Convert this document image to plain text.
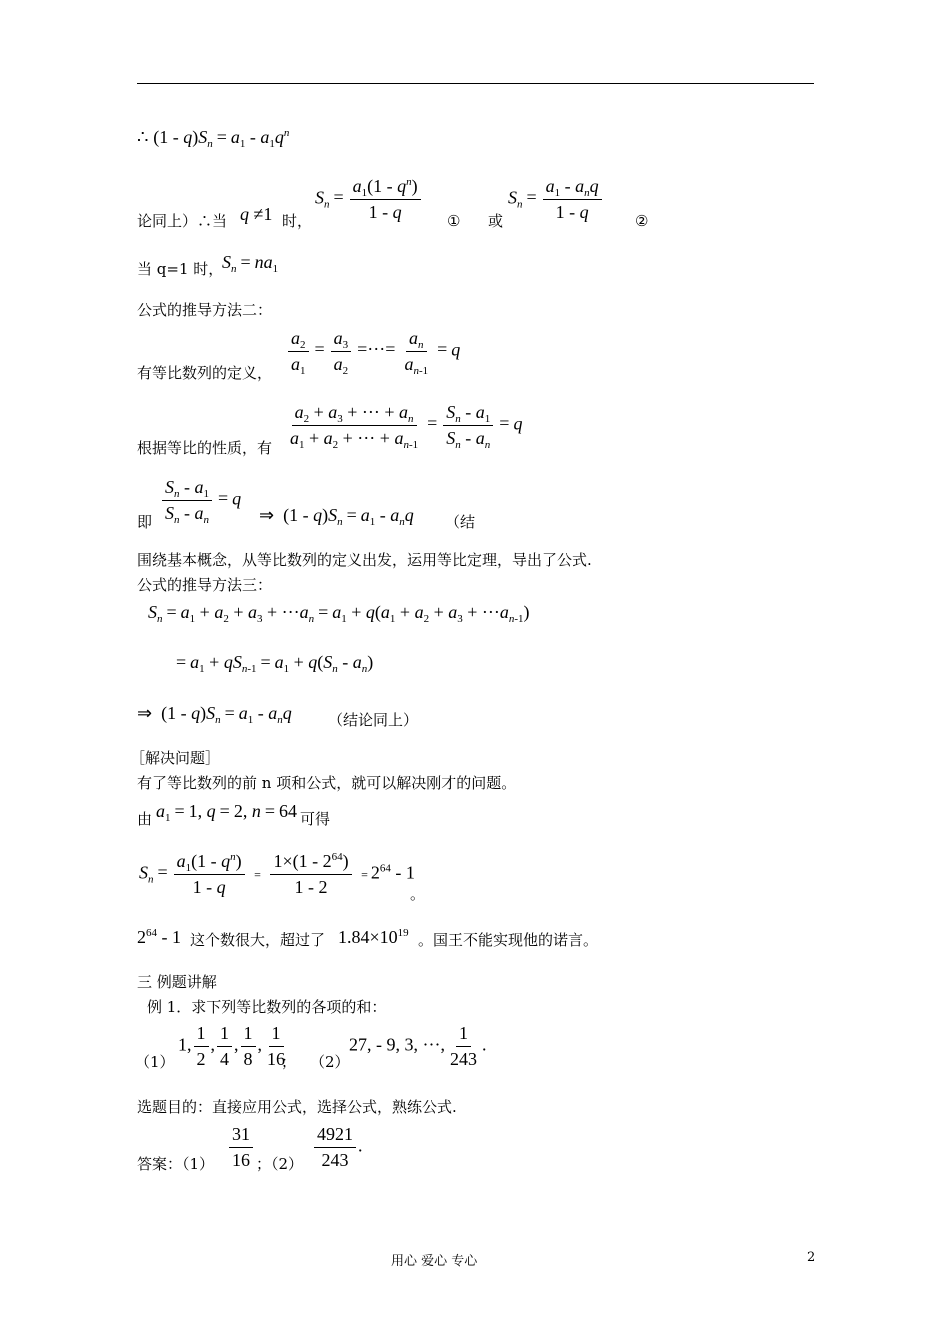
∴ $(1 - q)S_n = a_1 - a_1q^n$
论同上）∴当 q ≠1 时，
$S_n = \frac{a_1(1 - q^n)}{1 - q}$ ① 或
$S_n = \frac{a_1 - a_nq}{1 - q}$ ②
当 q=1 时，
$S_n = na_1$
公式的推导方法二：
有等比数列的定义， $\frac{a_2}{a_1} = \frac{a_3}{a_2}$ =···= $\frac{a_n}{a_{n-1}} = q$
根据等比的性质，有 $\frac{a_2 + a_3 + \cdot\cdot\cdot + a_n}{a_1 + a_2 + \cdot\cdot\cdot + a_{n-1}} = \frac{S_n - a_1}{S_n - a_n} = q$
即 $\frac{S_n - a_1}{S_n - a_n} = q$
⇒  $(1 - q)S_n = a_1 - a_nq$ （结
围绕基本概念，从等比数列的定义出发，运用等比定理，导出了公式.
公式的推导方法三：
$S_n = a_1 + a_2 + a_3 + \cdot\cdot\cdot a_n = a_1 + q(a_1 + a_2 + a_3 + \cdot\cdot\cdot a_{n-1})$
= $a_1 + qS_{n-1} = a_1 + q(S_n - a_n)$
⇒  $(1 - q)S_n = a_1 - a_nq$ （结论同上）
［解决问题］
有了等比数列的前 n 项和公式，就可以解决刚才的问题。
由 $a_1 = 1$, q = 2, n = 64 可得
$S_n = \frac{a_1(1 - q^n)}{1 - q} = \frac{1\times(1 - 2^{64})}{1 - 2} = 2^{64} - 1$
。
$2^{64} - 1$ 这个数很大，超过了 $1.84\times 10^{19}$ 。国王不能实现他的诺言。
三 例题讲解
例 1．求下列等比数列的各项的和：
（1）
1, $\frac{1}{2}$ , $\frac{1}{4}$ , $\frac{1}{8}$ , $\frac{1}{16}$
； （2）
27, - 9, 3, ···, $\frac{1}{243}$ .
选题目的：直接应用公式，选择公式，熟练公式.
答案：$(1) \frac{31}{16}$ ；$(2) \frac{4921}{243}$ .
用心 爱心 专心	2
